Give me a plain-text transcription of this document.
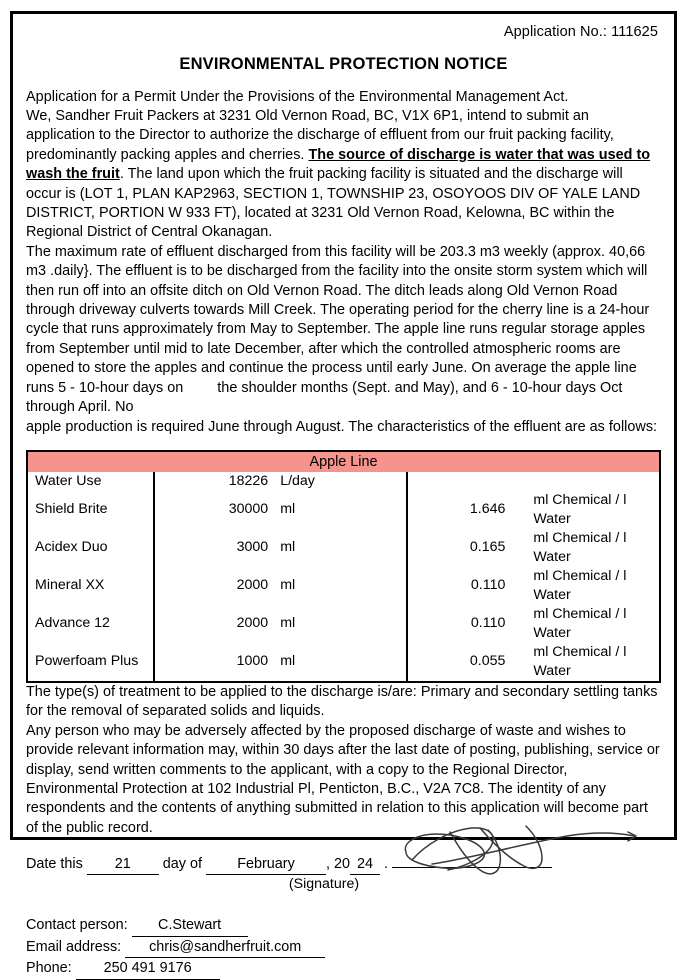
Application No.: 111625
ENVIRONMENTAL PROTECTION NOTICE
Application for a Permit Under the Provisions of the Environmental Management Act.

We, Sandher Fruit Packers at 3231 Old Vernon Road, BC, V1X 6P1, intend to submit an application to the Director to authorize the discharge of effluent from our fruit packing facility, predominantly packing apples and cherries. The source of discharge is water that was used to wash the fruit. The land upon which the fruit packing facility is situated and the discharge will occur is (LOT 1, PLAN KAP2963, SECTION 1, TOWNSHIP 23, OSOYOOS DIV OF YALE LAND DISTRICT, PORTION W 933 FT), located at 3231 Old Vernon Road, Kelowna, BC within the Regional District of Central Okanagan.

The maximum rate of effluent discharged from this facility will be 203.3 m3 weekly (approx. 40,66 m3 .daily}. The effluent is to be discharged from the facility into the onsite storm system which will then run off into an offsite ditch on Old Vernon Road. The ditch leads along Old Vernon Road through driveway culverts towards Mill Creek. The operating period for the cherry line is a 24-hour cycle that runs approximately from May to September. The apple line runs regular storage apples from September until mid to late December, after which the controlled atmospheric rooms are opened to store the apples and continue the process until early June. On average the apple line runs 5 - 10-hour days on the shoulder months (Sept. and May), and 6 - 10-hour days Oct through April. No

apple production is required June through August. The characteristics of the effluent are as follows:

Apple Line				
Water Use	18226	L/day		
Shield Brite	30000	ml	1.646	ml Chemical / l Water
Acidex Duo	3000	ml	0.165	ml Chemical / l Water
Mineral XX	2000	ml	0.110	ml Chemical / l Water
Advance 12	2000	ml	0.110	ml Chemical / l Water
Powerfoam Plus	1000	ml	0.055	ml Chemical / l Water

The type(s) of treatment to be applied to the discharge is/are: Primary and secondary settling tanks for the removal of separated solids and liquids.

Any person who may be adversely affected by the proposed discharge of waste and wishes to provide relevant information may, within 30 days after the last date of posting, publishing, service or display, send written comments to the applicant, with a copy to the Regional Director, Environmental Protection at 102 Industrial Pl, Penticton, B.C., V2A 7C8. The identity of any respondents and the contents of anything submitted in relation to this application will become part of the public record.

Date this 21 day of February , 20 24 .
(Signature)
Contact person: C.Stewart
Email address: chris@sandherfruit.com
Phone: 250 491 9176
